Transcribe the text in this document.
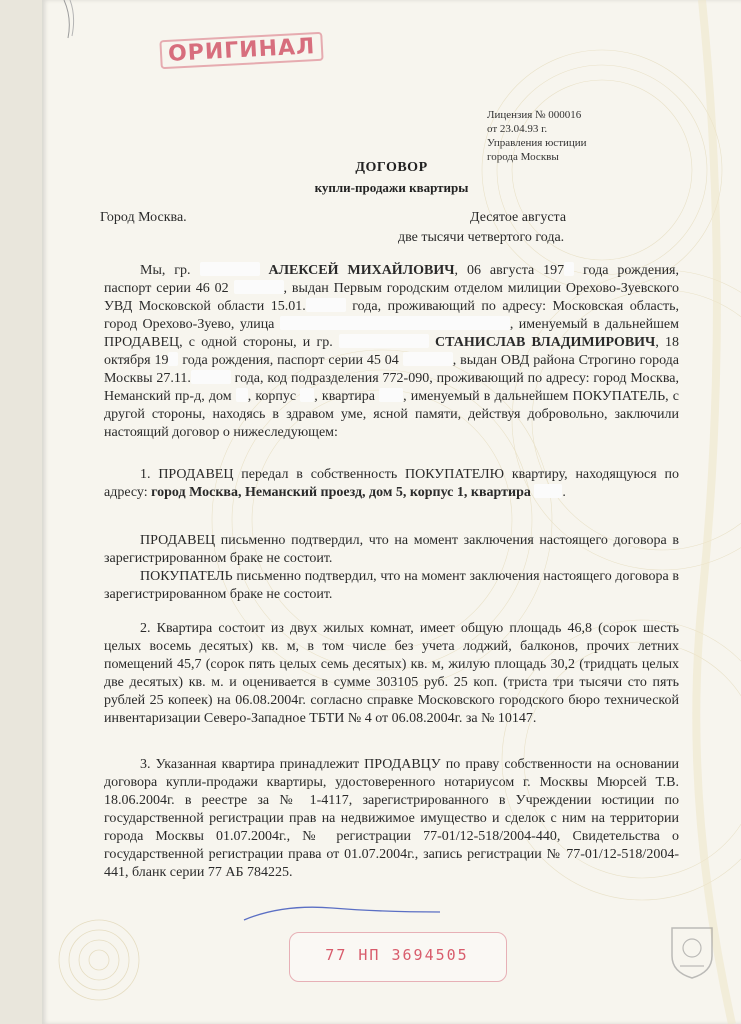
ОРИГИНАЛ
Лицензия № 000016
от 23.04.93 г.
Управления юстиции
города Москвы
ДОГОВОР
купли-продажи квартиры
Город Москва.	Десятое августа
две тысячи четвертого года.
Мы, гр.	АЛЕКСЕЙ МИХАЙЛОВИЧ, 06 августа 197 года рождения, паспорт серии 46 02	, выдан Первым городским отделом милиции Орехово-Зуевского УВД Московской области 15.01.	года, проживающий по адресу: Московская область, город Орехово-Зуево, улица	, именуемый в дальнейшем ПРОДАВЕЦ, с одной стороны, и гр.	СТАНИСЛАВ ВЛАДИМИРОВИЧ, 18 октября 19 года рождения, паспорт серии 45 04	, выдан ОВД района Строгино города Москвы 27.11.	года, код подразделения 772-090, проживающий по адресу: город Москва, Неманский пр-д, дом , корпус , квартира , именуемый в дальнейшем ПОКУПАТЕЛЬ, с другой стороны, находясь в здравом уме, ясной памяти, действуя добровольно, заключили настоящий договор о нижеследующем:
1. ПРОДАВЕЦ передал в собственность ПОКУПАТЕЛЮ квартиру, находящуюся по адресу: город Москва, Неманский проезд, дом 5, корпус 1, квартира .
ПРОДАВЕЦ письменно подтвердил, что на момент заключения настоящего договора в зарегистрированном браке не состоит.
ПОКУПАТЕЛЬ письменно подтвердил, что на момент заключения настоящего договора в зарегистрированном браке не состоит.
2. Квартира состоит из двух жилых комнат, имеет общую площадь 46,8 (сорок шесть целых восемь десятых) кв. м, в том числе без учета лоджий, балконов, прочих летних помещений 45,7 (сорок пять целых семь десятых) кв. м, жилую площадь 30,2 (тридцать целых две десятых) кв. м. и оценивается в сумме 303105 руб. 25 коп. (триста три тысячи сто пять рублей 25 копеек) на 06.08.2004г. согласно справке Московского городского бюро технической инвентаризации Северо-Западное ТБТИ № 4 от 06.08.2004г. за № 10147.
3. Указанная квартира принадлежит ПРОДАВЦУ по праву собственности на основании договора купли-продажи квартиры, удостоверенного нотариусом г. Москвы Мюрсей Т.В. 18.06.2004г. в реестре за № 1-4117, зарегистрированного в Учреждении юстиции по государственной регистрации прав на недвижимое имущество и сделок с ним на территории города Москвы 01.07.2004г., № регистрации 77-01/12-518/2004-440, Свидетельства о государственной регистрации права от 01.07.2004г., запись регистрации № 77-01/12-518/2004-441, бланк серии 77 АБ 784225.
77 НП 3694505
